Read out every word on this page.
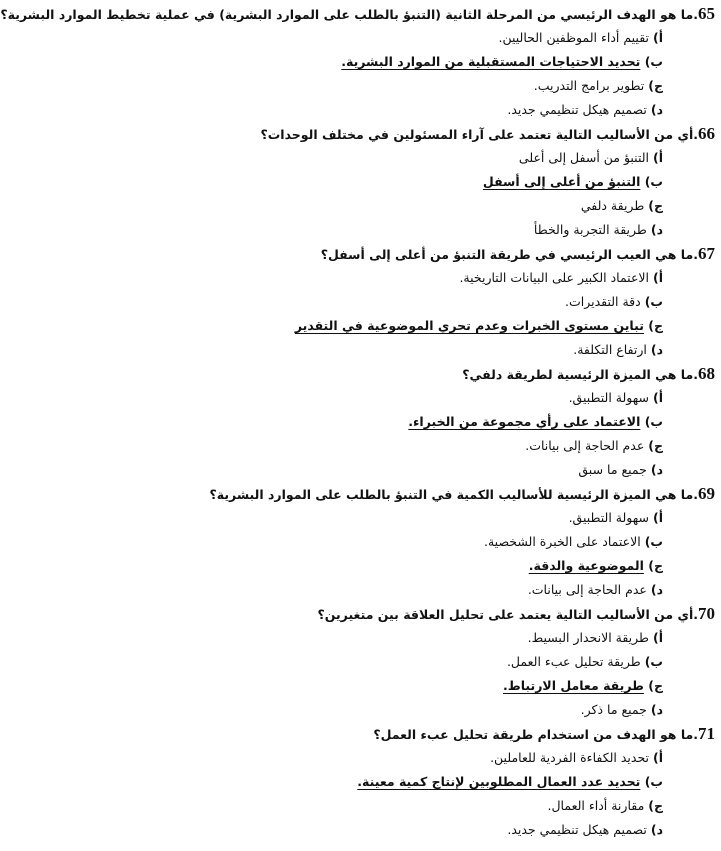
65.ما هو الهدف الرئيسي من المرحلة الثانية (التنبؤ بالطلب على الموارد البشرية) في عملية تخطيط الموارد البشرية؟
أ) تقييم أداء الموظفين الحاليين.
ب) تحديد الاحتياجات المستقبلية من الموارد البشرية.
ج) تطوير برامج التدريب.
د) تصميم هيكل تنظيمي جديد.
66.أي من الأساليب التالية تعتمد على آراء المسئولين في مختلف الوحدات؟
أ) التنبؤ من أسفل إلى أعلى
ب) التنبؤ من أعلى إلى أسفل
ج) طريقة دلفي
د) طريقة التجربة والخطأ
67.ما هي العيب الرئيسي في طريقة التنبؤ من أعلى إلى أسفل؟
أ) الاعتماد الكبير على البيانات التاريخية.
ب) دقة التقديرات.
ج) تباين مستوى الخبرات وعدم تحري الموضوعية في التقدير
د) ارتفاع التكلفة.
68.ما هي الميزة الرئيسية لطريقة دلفي؟
أ) سهولة التطبيق.
ب) الاعتماد على رأي مجموعة من الخبراء.
ج) عدم الحاجة إلى بيانات.
د) جميع ما سبق
69.ما هي الميزة الرئيسية للأساليب الكمية في التنبؤ بالطلب على الموارد البشرية؟
أ) سهولة التطبيق.
ب) الاعتماد على الخبرة الشخصية.
ج) الموضوعية والدقة.
د) عدم الحاجة إلى بيانات.
70.أي من الأساليب التالية يعتمد على تحليل العلاقة بين متغيرين؟
أ) طريقة الانحدار البسيط.
ب) طريقة تحليل عبء العمل.
ج) طريقة معامل الارتباط.
د) جميع ما ذكر.
71.ما هو الهدف من استخدام طريقة تحليل عبء العمل؟
أ) تحديد الكفاءة الفردية للعاملين.
ب) تحديد عدد العمال المطلوبين لإنتاج كمية معينة.
ج) مقارنة أداء العمال.
د) تصميم هيكل تنظيمي جديد.
